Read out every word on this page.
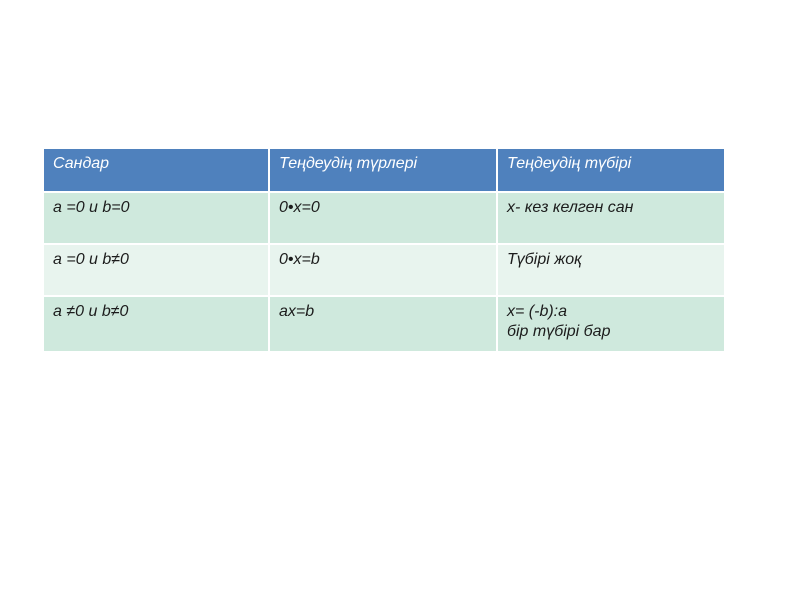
Сандар	Теңдеудің түрлері	Теңдеудің түбірі
a =0 и b=0	0•x=0	x- кез келген сан

a =0 и b≠0	0•x=b	Түбірі жоқ

a ≠0 и b≠0	ax=b	x= (-b):a
бір түбірі бар
